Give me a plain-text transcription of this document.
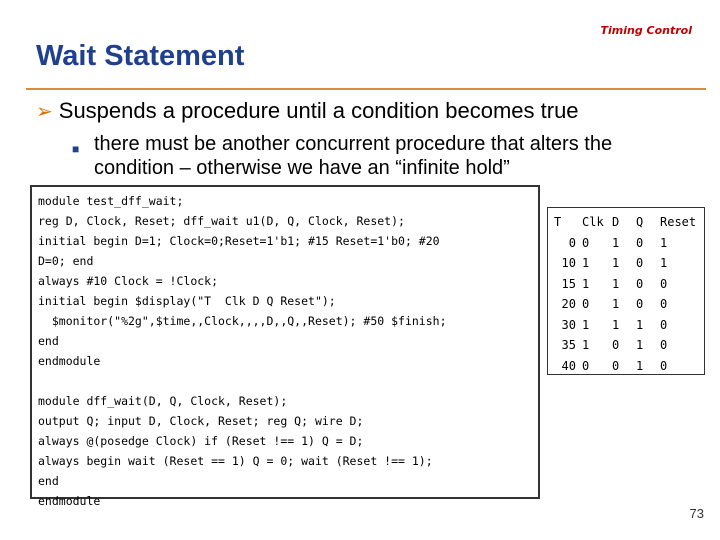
Timing Control
Wait Statement
➢ Suspends a procedure until a condition becomes true
■ there must be another concurrent procedure that alters the condition – otherwise we have an “infinite hold”
module test_dff_wait;
reg D, Clock, Reset; dff_wait u1(D, Q, Clock, Reset);
initial begin D=1; Clock=0;Reset=1'b1; #15 Reset=1'b0; #20
D=0; end
always #10 Clock = !Clock;
initial begin $display("T  Clk D Q Reset");
$monitor("%2g",$time,,Clock,,,,D,,Q,,Reset); #50 $finish;
end
endmodule
module dff_wait(D, Q, Clock, Reset);
output Q; input D, Clock, Reset; reg Q; wire D;
always @(posedge Clock) if (Reset !== 1) Q = D;
always begin wait (Reset == 1) Q = 0; wait (Reset !== 1);
end
endmodule
T	Clk D	Q	Reset
0 0	1	0	1
10 1	1	0	1
15 1	1	0	0
20 0	1	0	0
30 1	1	1	0
35 1	0	1	0
40 0	0	1	0
73
